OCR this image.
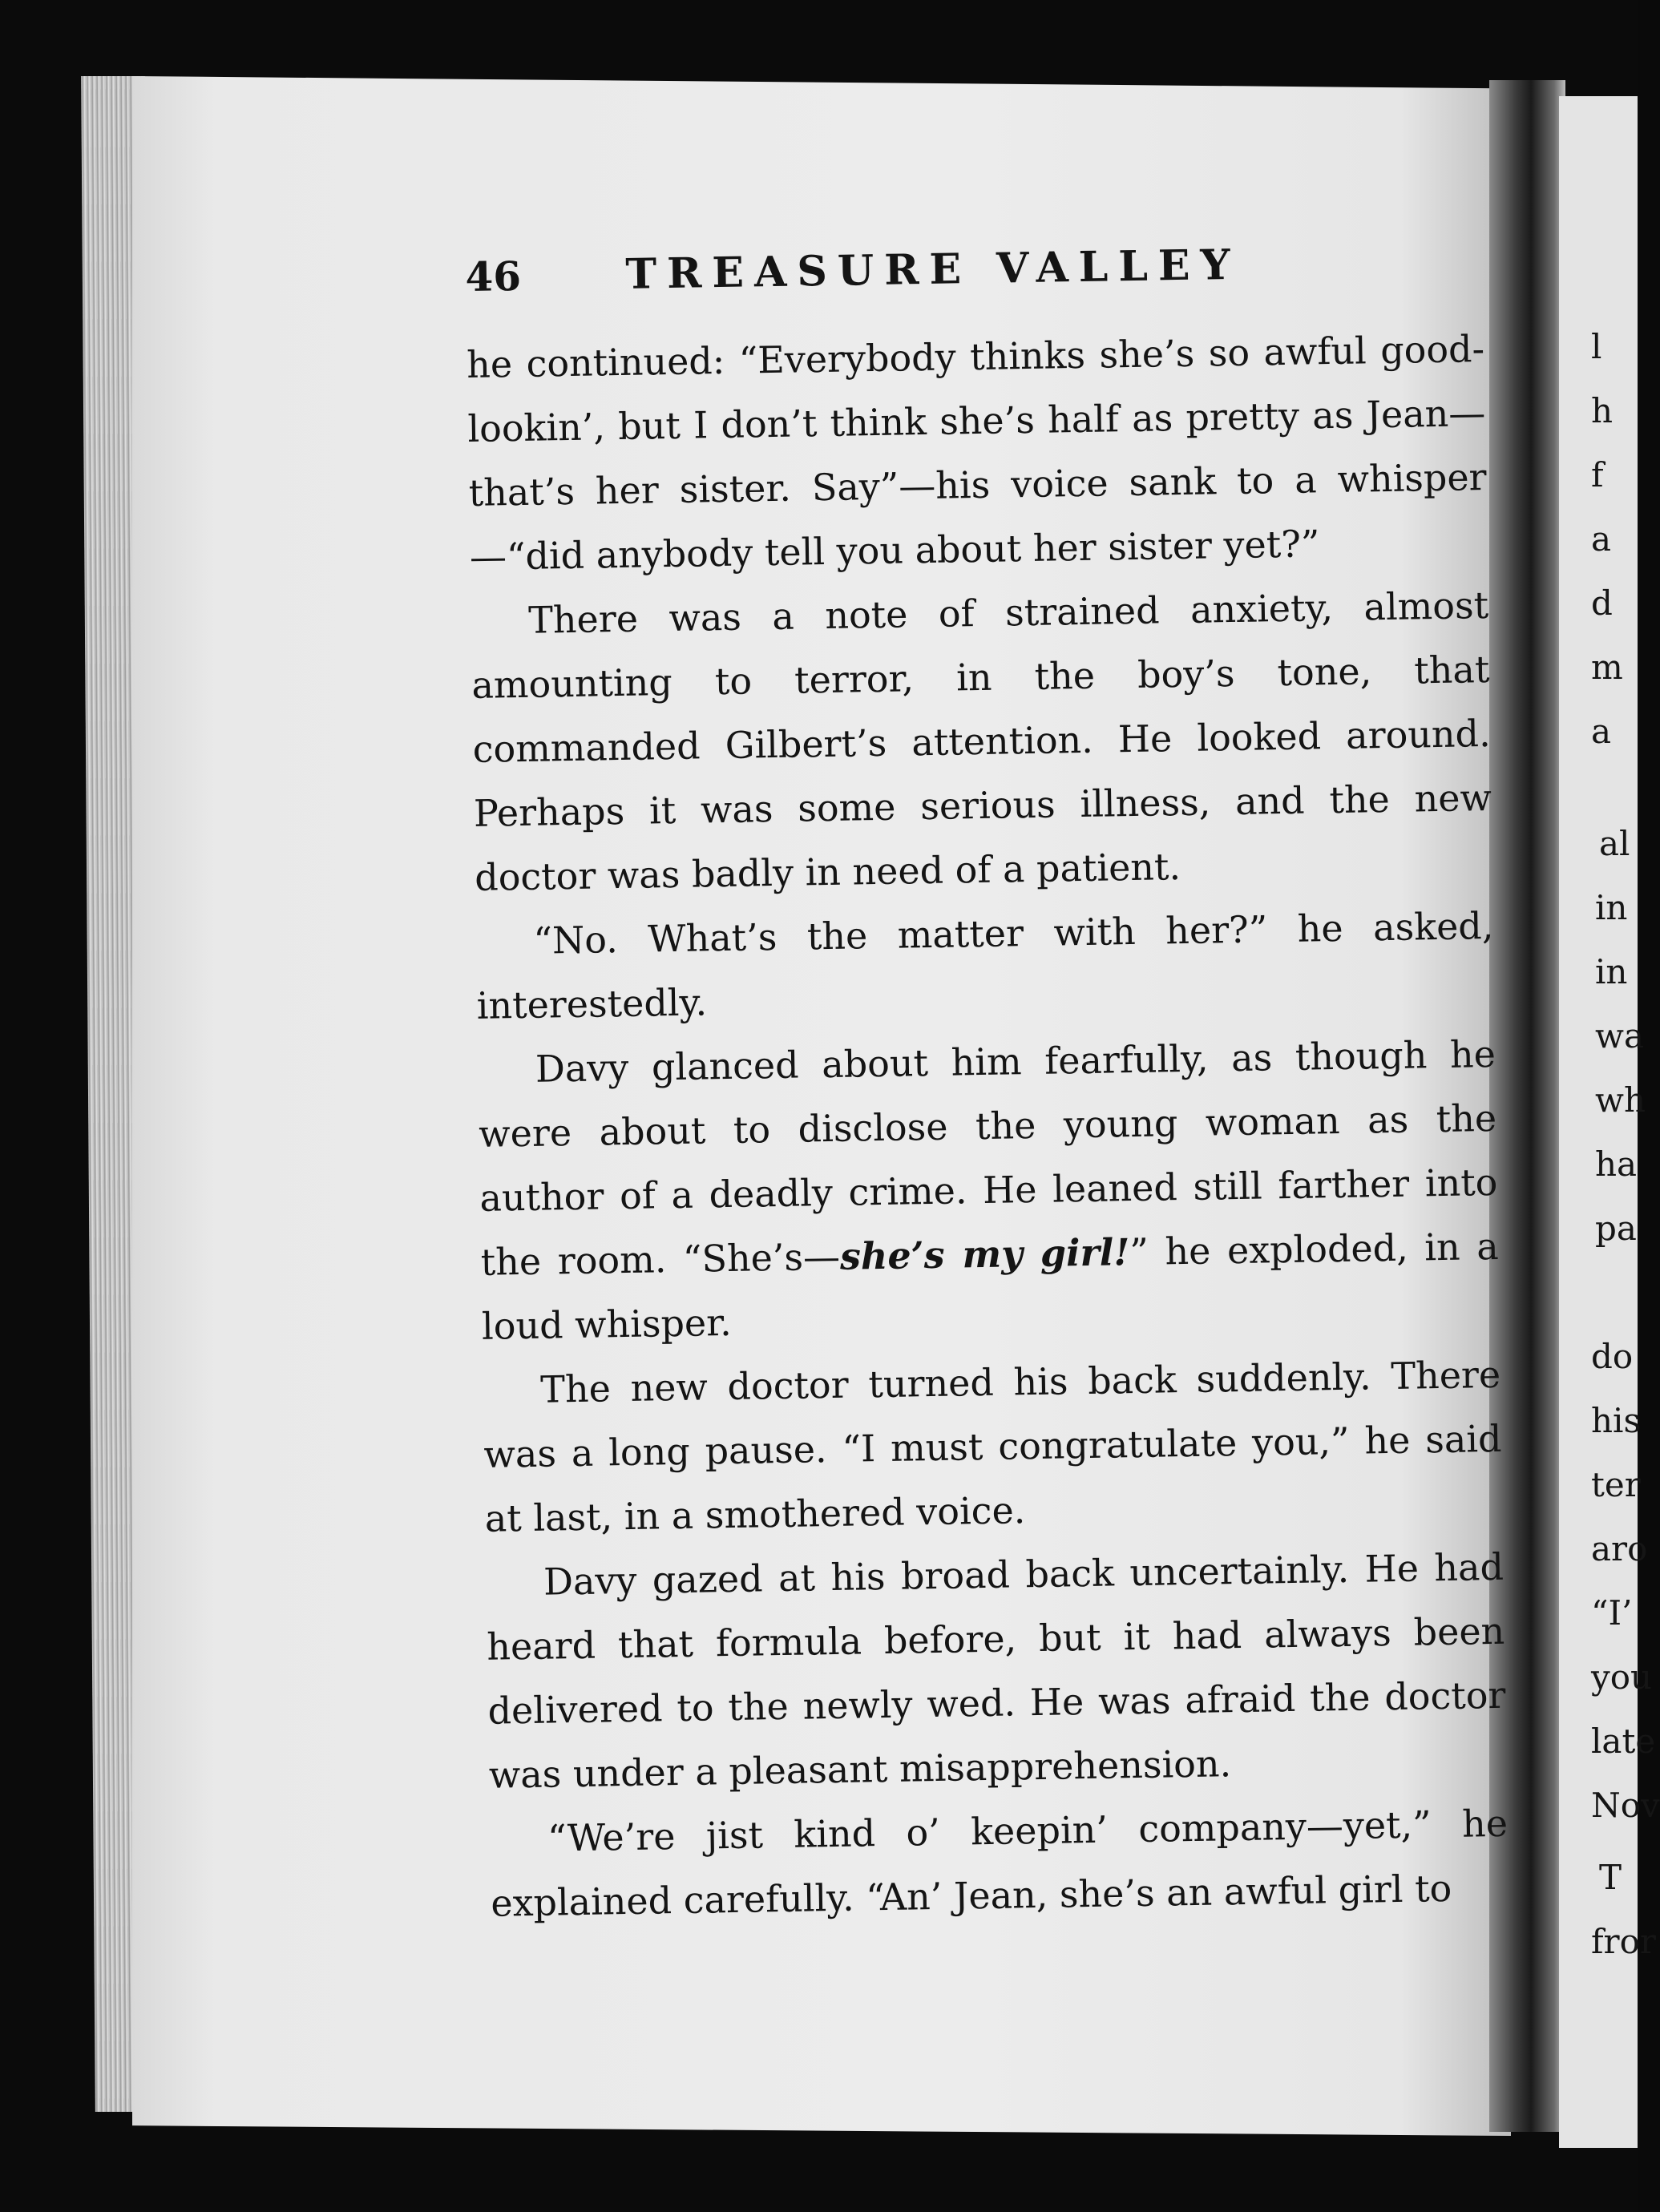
l
h
f
a
d
m
a
al
in
in
wa
wh
ha
pa
do
his
ter
aro
“I’
you
late
Nov
T
fror
46	TREASURE VALLEY

he continued: “Everybody thinks she’s so awful good-lookin’, but I don’t think she’s half as pretty as Jean—that’s her sister. Say”—his voice sank to a whisper—“did anybody tell you about her sister yet?”

There was a note of strained anxiety, almost amounting to terror, in the boy’s tone, that commanded Gilbert’s attention. He looked around. Perhaps it was some serious illness, and the new doctor was badly in need of a patient.

“No. What’s the matter with her?” he asked, interestedly.

Davy glanced about him fearfully, as though he were about to disclose the young woman as the author of a deadly crime. He leaned still farther into the room. “She’s—she’s my girl!” he exploded, in a loud whisper.

The new doctor turned his back suddenly. There was a long pause. “I must congratulate you,” he said at last, in a smothered voice.

Davy gazed at his broad back uncertainly. He had heard that formula before, but it had always been delivered to the newly wed. He was afraid the doctor was under a pleasant misapprehension.

“We’re jist kind o’ keepin’ company—yet,” he explained carefully. “An’ Jean, she’s an awful girl to
